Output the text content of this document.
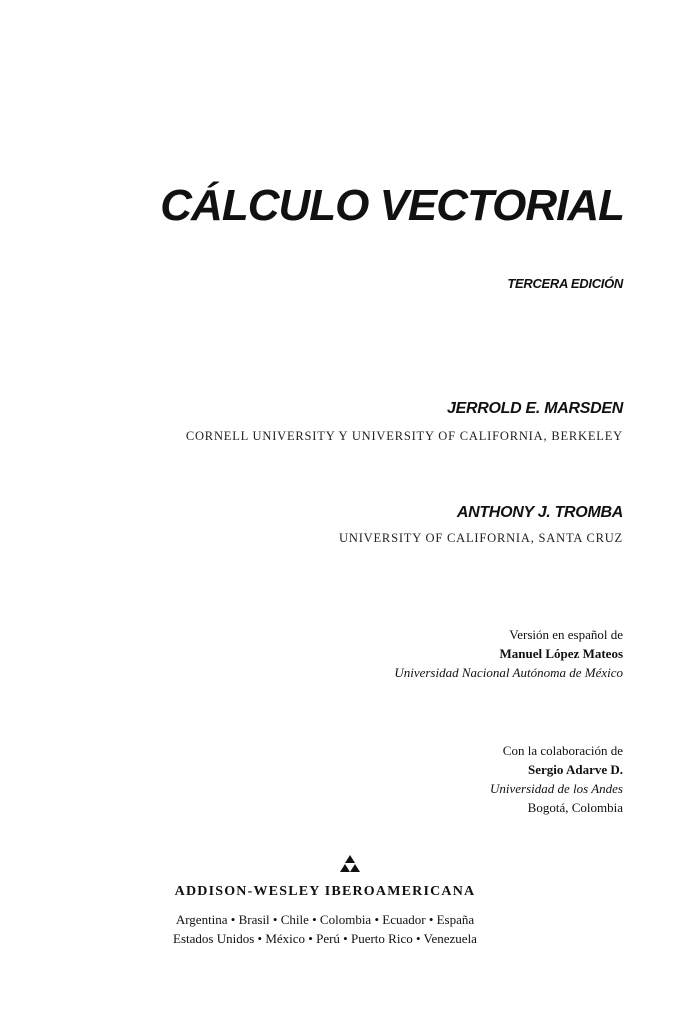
CÁLCULO VECTORIAL
TERCERA EDICIÓN
JERROLD E. MARSDEN
CORNELL UNIVERSITY Y UNIVERSITY OF CALIFORNIA, BERKELEY
ANTHONY J. TROMBA
UNIVERSITY OF CALIFORNIA, SANTA CRUZ
Versión en español de
Manuel López Mateos
Universidad Nacional Autónoma de México
Con la colaboración de
Sergio Adarve D.
Universidad de los Andes
Bogotá, Colombia
ADDISON-WESLEY IBEROAMERICANA
Argentina • Brasil • Chile • Colombia • Ecuador • España
Estados Unidos • México • Perú • Puerto Rico • Venezuela
